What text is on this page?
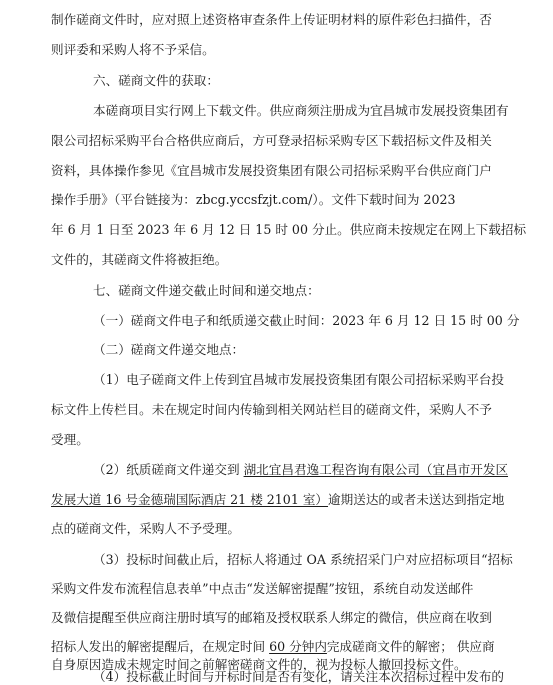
制作磋商文件时，应对照上述资格审查条件上传证明材料的原件彩色扫描件，否
则评委和采购人将不予采信。
六、磋商文件的获取：
本磋商项目实行网上下载文件。供应商须注册成为宜昌城市发展投资集团有
限公司招标采购平台合格供应商后，方可登录招标采购专区下载招标文件及相关
资料，具体操作参见《宜昌城市发展投资集团有限公司招标采购平台供应商门户
操作手册》（平台链接为：zbcg.yccsfzjt.com/）。文件下载时间为 2023
年 6 月 1 日至 2023 年 6 月 12 日 15 时 00 分止。供应商未按规定在网上下载招标
文件的，其磋商文件将被拒绝。
七、磋商文件递交截止时间和递交地点：
（一）磋商文件电子和纸质递交截止时间：2023 年 6 月 12 日 15 时 00 分
（二）磋商文件递交地点：
（1）电子磋商文件上传到宜昌城市发展投资集团有限公司招标采购平台投
标文件上传栏目。未在规定时间内传输到相关网站栏目的磋商文件，采购人不予
受理。
（2）纸质磋商文件递交到 湖北宜昌君逸工程咨询有限公司（宜昌市开发区
发展大道 16 号金德瑞国际酒店 21 楼 2101 室）逾期送达的或者未送达到指定地
点的磋商文件，采购人不予受理。
（3）投标时间截止后，招标人将通过 OA 系统招采门户对应招标项目“招标
采购文件发布流程信息表单”中点击“发送解密提醒”按钮，系统自动发送邮件
及微信提醒至供应商注册时填写的邮箱及授权联系人绑定的微信，供应商在收到
招标人发出的解密提醒后，在规定时间 60 分钟内完成磋商文件的解密； 供应商
自身原因造成未规定时间之前解密磋商文件的，视为投标人撤回投标文件。
（4）投标截止时间与开标时间是否有变化，请关注本次招标过程中发布的
